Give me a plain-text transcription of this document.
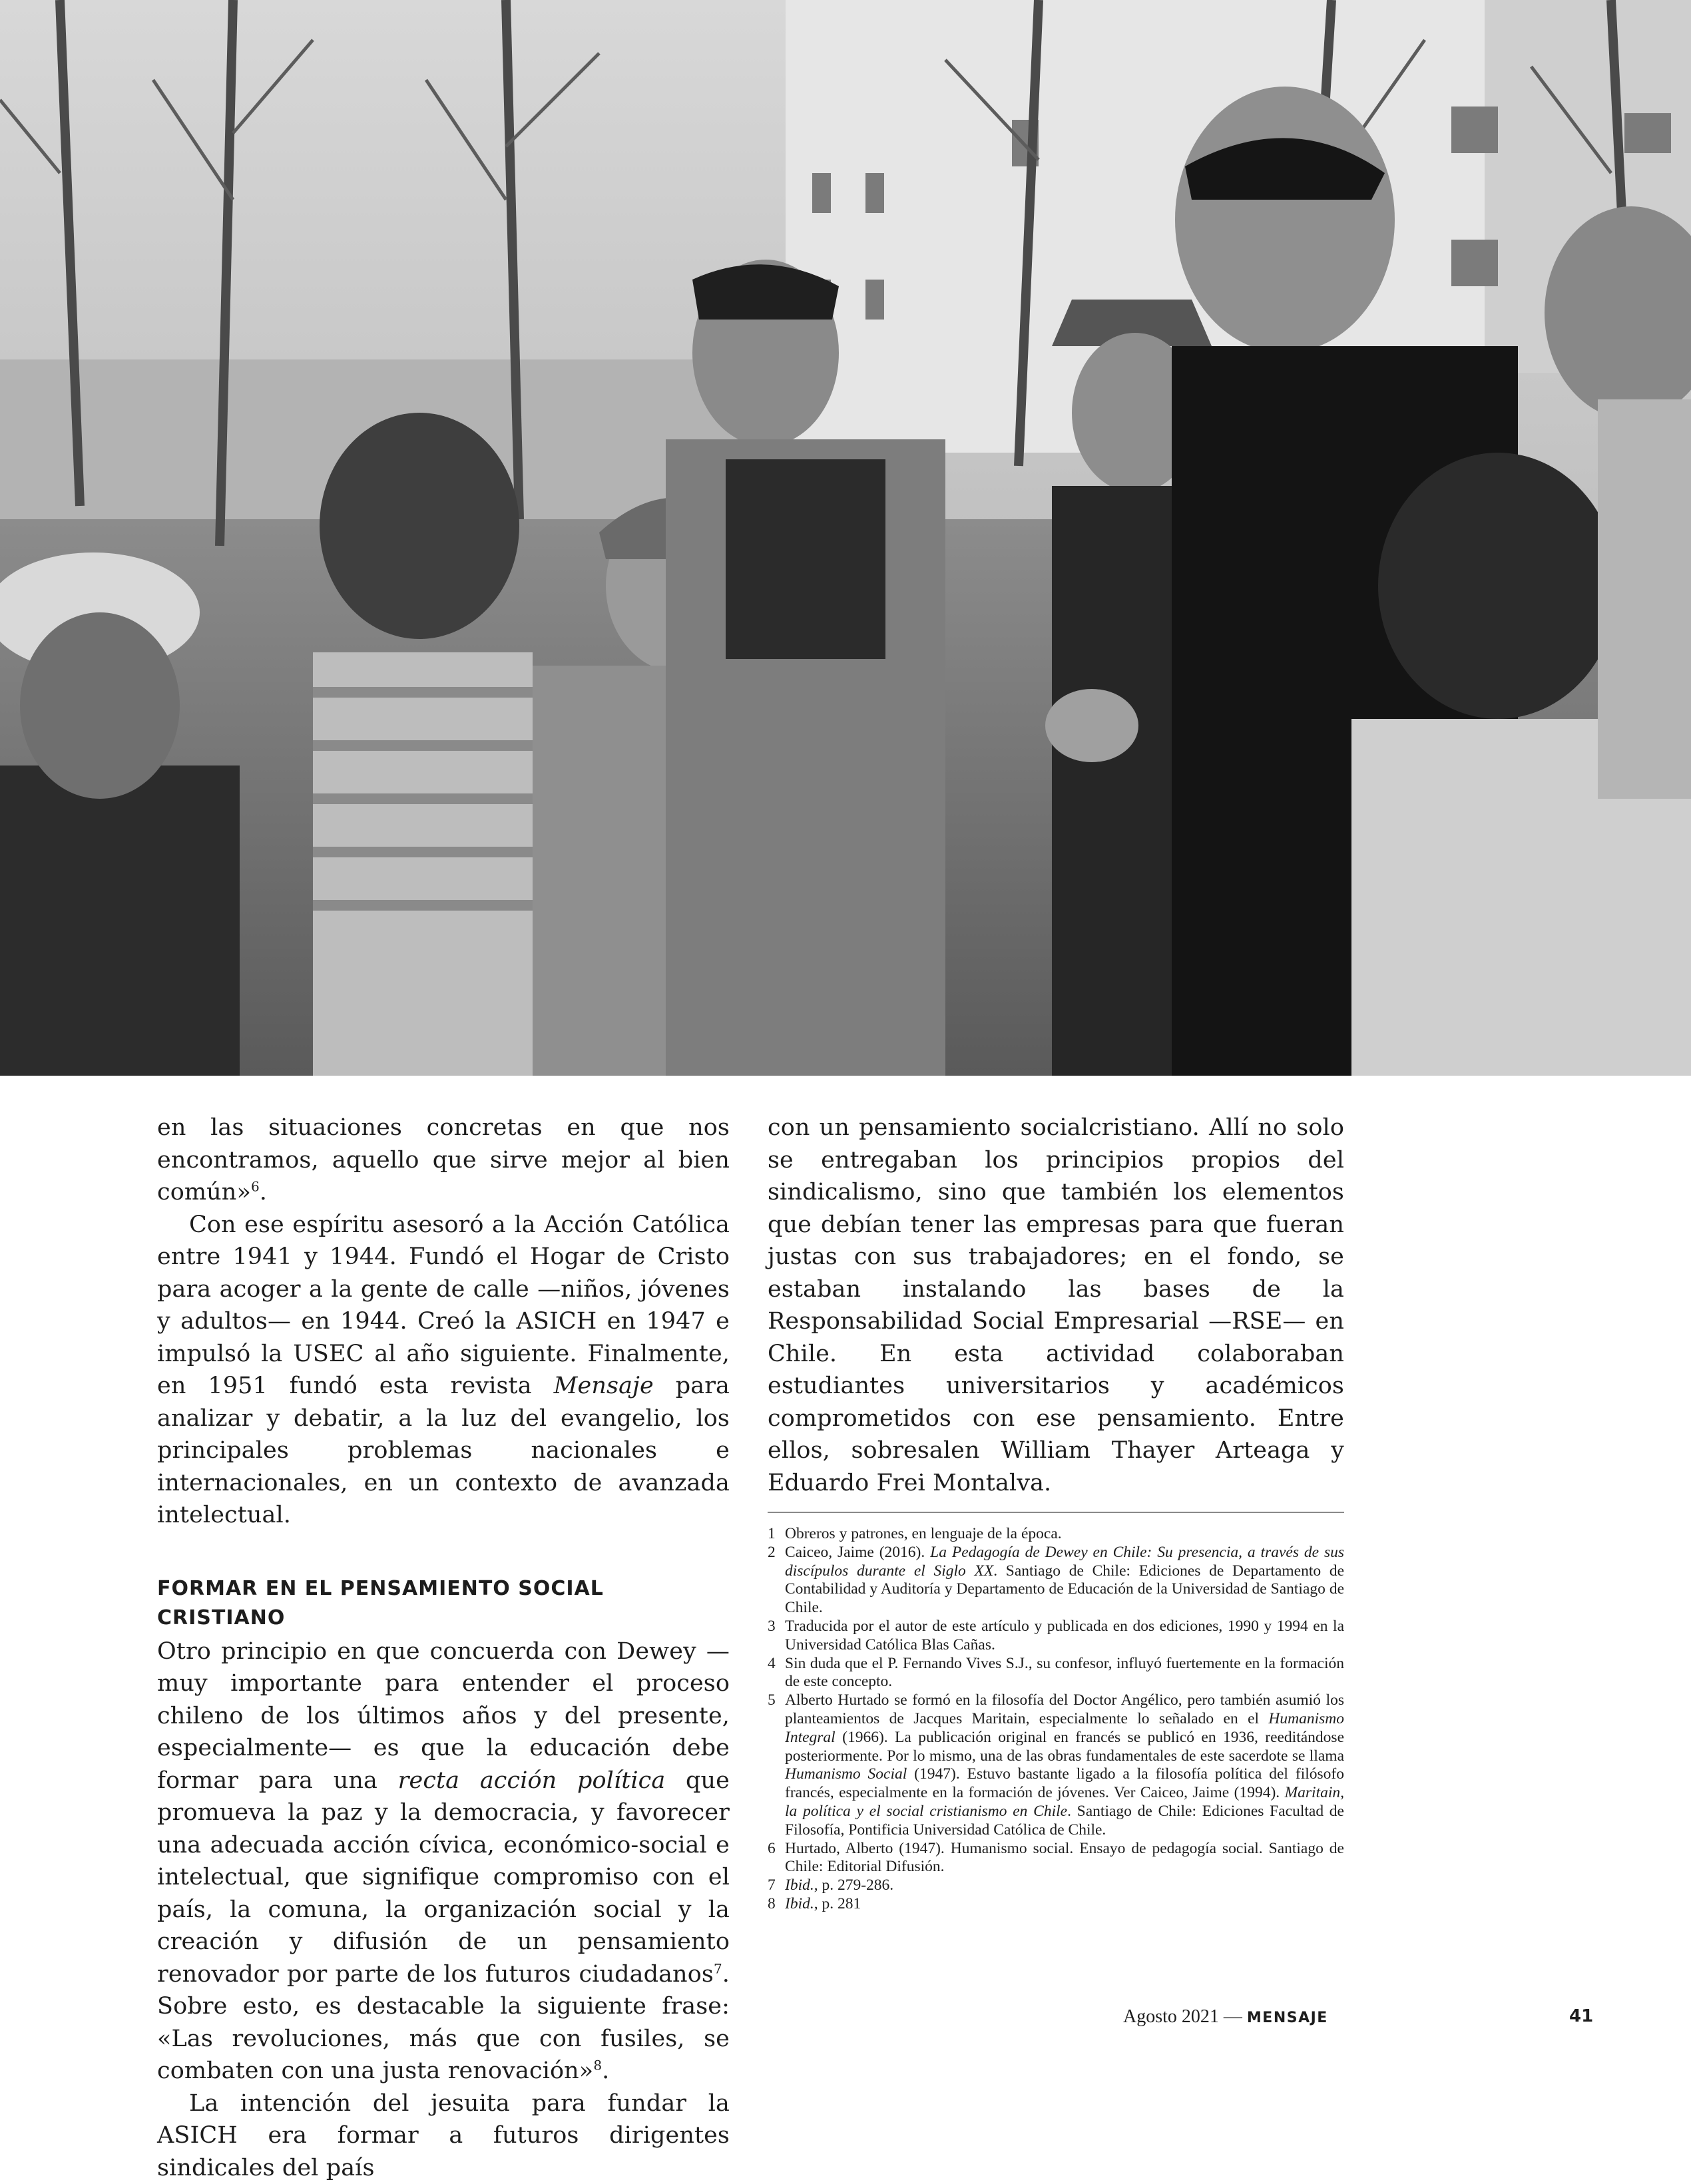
en las situaciones concretas en que nos encontramos, aquello que sirve mejor al bien común»$^6$.

Con ese espíritu asesoró a la Acción Católica entre 1941 y 1944. Fundó el Hogar de Cristo para acoger a la gente de calle —niños, jóvenes y adultos— en 1944. Creó la ASICH en 1947 e impulsó la USEC al año siguiente. Finalmente, en 1951 fundó esta revista Mensaje para analizar y debatir, a la luz del evangelio, los principales problemas nacionales e internacionales, en un contexto de avanzada intelectual.

FORMAR EN EL PENSAMIENTO SOCIAL CRISTIANO

Otro principio en que concuerda con Dewey —muy importante para entender el proceso chileno de los últimos años y del presente, especialmente— es que la educación debe formar para una recta acción política que promueva la paz y la democracia, y favorecer una adecuada acción cívica, económico-social e intelectual, que signifique compromiso con el país, la comuna, la organización social y la creación y difusión de un pensamiento renovador por parte de los futuros ciudadanos$^7$. Sobre esto, es destacable la siguiente frase: «Las revoluciones, más que con fusiles, se combaten con una justa renovación»$^8$.

La intención del jesuita para fundar la ASICH era formar a futuros dirigentes sindicales del país

con un pensamiento socialcristiano. Allí no solo se entregaban los principios propios del sindicalismo, sino que también los elementos que debían tener las empresas para que fueran justas con sus trabajadores; en el fondo, se estaban instalando las bases de la Responsabilidad Social Empresarial —RSE— en Chile. En esta actividad colaboraban estudiantes universitarios y académicos comprometidos con ese pensamiento. Entre ellos, sobresalen William Thayer Arteaga y Eduardo Frei Montalva.

1 Obreros y patrones, en lenguaje de la época.
2 Caiceo, Jaime (2016). La Pedagogía de Dewey en Chile: Su presencia, a través de sus discípulos durante el Siglo XX. Santiago de Chile: Ediciones de Departamento de Contabilidad y Auditoría y Departamento de Educación de la Universidad de Santiago de Chile.
3 Traducida por el autor de este artículo y publicada en dos ediciones, 1990 y 1994 en la Universidad Católica Blas Cañas.
4 Sin duda que el P. Fernando Vives S.J., su confesor, influyó fuertemente en la formación de este concepto.
5 Alberto Hurtado se formó en la filosofía del Doctor Angélico, pero también asumió los planteamientos de Jacques Maritain, especialmente lo señalado en el Humanismo Integral (1966). La publicación original en francés se publicó en 1936, reeditándose posteriormente. Por lo mismo, una de las obras fundamentales de este sacerdote se llama Humanismo Social (1947). Estuvo bastante ligado a la filosofía política del filósofo francés, especialmente en la formación de jóvenes. Ver Caiceo, Jaime (1994). Maritain, la política y el social cristianismo en Chile. Santiago de Chile: Ediciones Facultad de Filosofía, Pontificia Universidad Católica de Chile.
6 Hurtado, Alberto (1947). Humanismo social. Ensayo de pedagogía social. Santiago de Chile: Editorial Difusión.
7 Ibid., p. 279-286.
8 Ibid., p. 281
Agosto 2021 — MENSAJE	41
